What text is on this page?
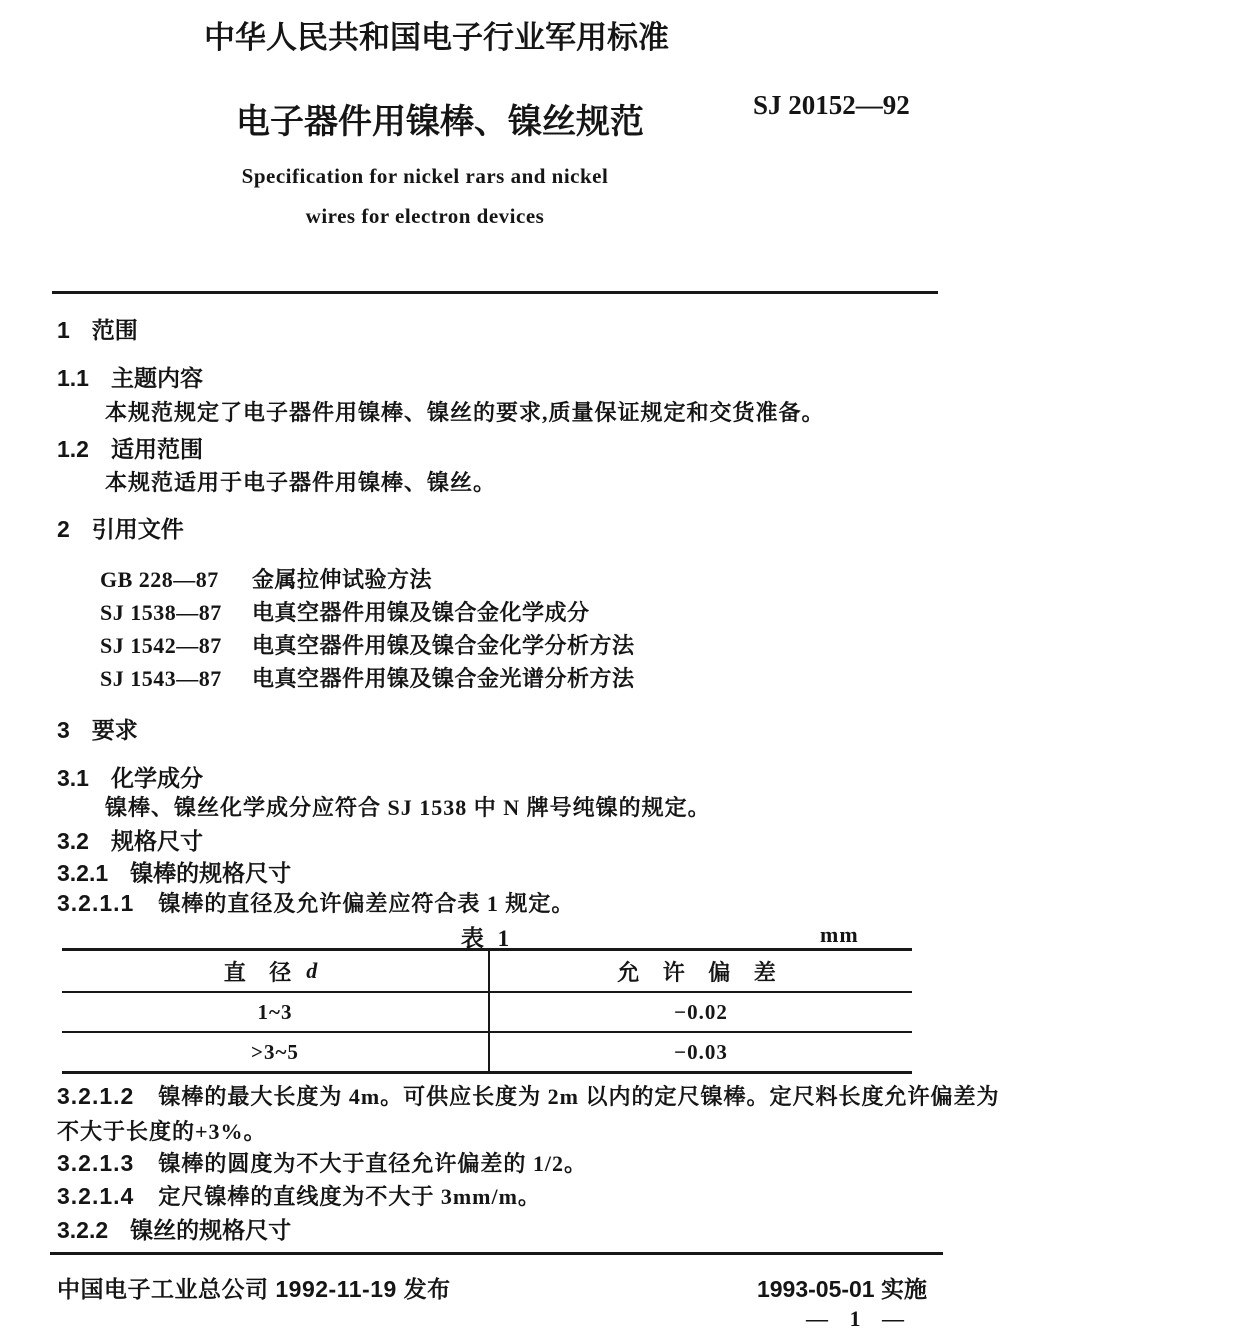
中华人民共和国电子行业军用标准
电子器件用镍棒、镍丝规范	SJ 20152—92
Specification for nickel rars and nickel
wires for electron devices
1 范围
1.1 主题内容
本规范规定了电子器件用镍棒、镍丝的要求,质量保证规定和交货准备。
1.2 适用范围
本规范适用于电子器件用镍棒、镍丝。
2 引用文件
GB 228—87 金属拉伸试验方法
SJ 1538—87 电真空器件用镍及镍合金化学成分
SJ 1542—87 电真空器件用镍及镍合金化学分析方法
SJ 1543—87 电真空器件用镍及镍合金光谱分析方法
3 要求
3.1 化学成分
镍棒、镍丝化学成分应符合 SJ 1538 中 N 牌号纯镍的规定。
3.2 规格尺寸
3.2.1 镍棒的规格尺寸
3.2.1.1 镍棒的直径及允许偏差应符合表 1 规定。
表 1	mm
直 径 d	允 许 偏 差
1~3	−0.02
>3~5	−0.03
3.2.1.2 镍棒的最大长度为 4m。可供应长度为 2m 以内的定尺镍棒。定尺料长度允许偏差为
不大于长度的+3%。
3.2.1.3 镍棒的圆度为不大于直径允许偏差的 1/2。
3.2.1.4 定尺镍棒的直线度为不大于 3mm/m。
3.2.2 镍丝的规格尺寸
中国电子工业总公司 1992-11-19 发布	1993-05-01 实施
— 1 —
